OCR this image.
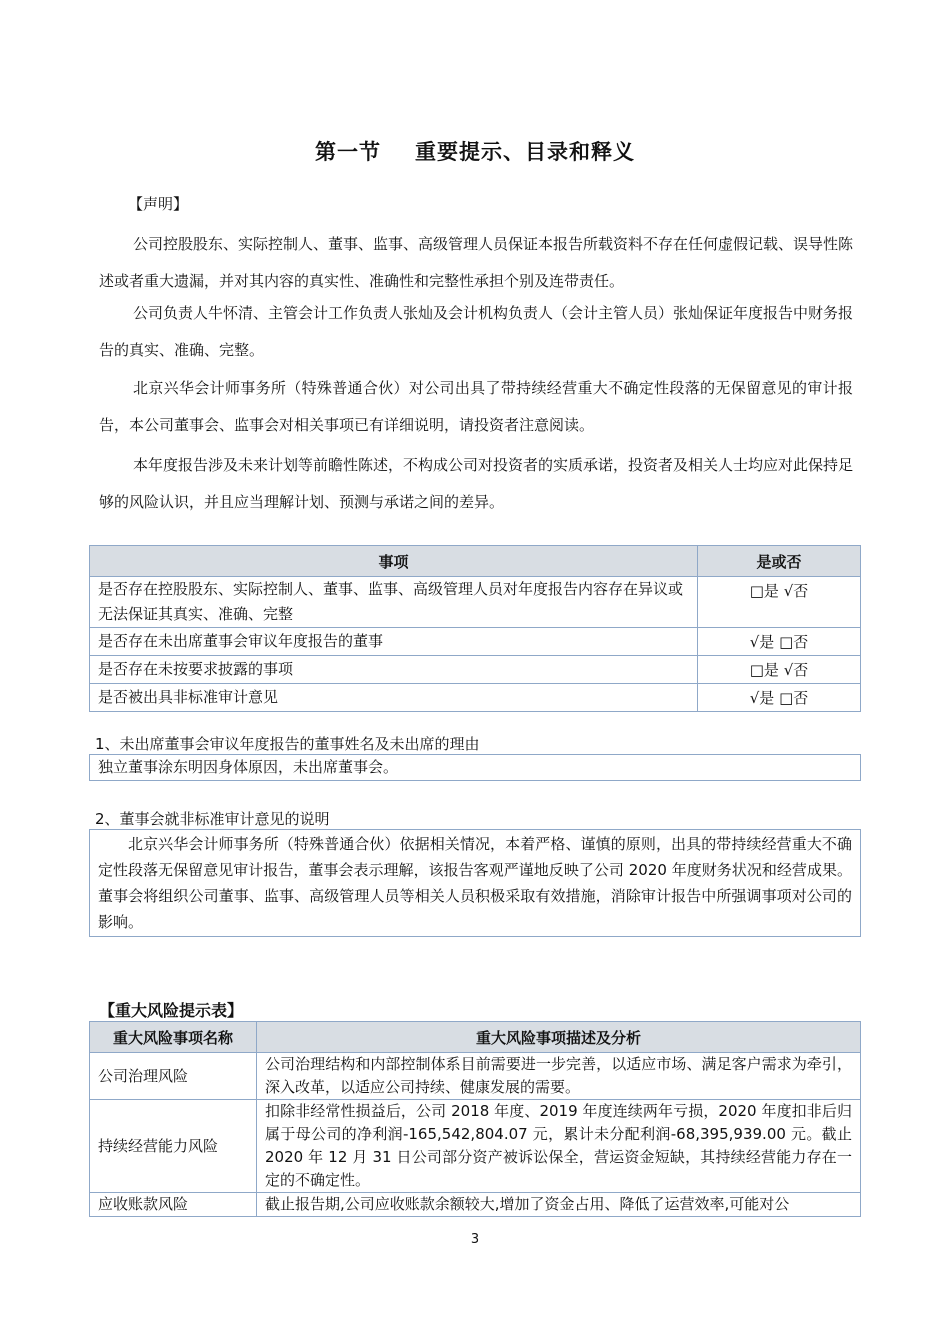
第一节 重要提示、目录和释义
【声明】
公司控股股东、实际控制人、董事、监事、高级管理人员保证本报告所载资料不存在任何虚假记载、误导性陈述或者重大遗漏，并对其内容的真实性、准确性和完整性承担个别及连带责任。
公司负责人牛怀清、主管会计工作负责人张灿及会计机构负责人（会计主管人员）张灿保证年度报告中财务报告的真实、准确、完整。
北京兴华会计师事务所（特殊普通合伙）对公司出具了带持续经营重大不确定性段落的无保留意见的审计报告，本公司董事会、监事会对相关事项已有详细说明，请投资者注意阅读。
本年度报告涉及未来计划等前瞻性陈述，不构成公司对投资者的实质承诺，投资者及相关人士均应对此保持足够的风险认识，并且应当理解计划、预测与承诺之间的差异。
事项	是或否
是否存在控股股东、实际控制人、董事、监事、高级管理人员对年度报告内容存在异议或无法保证其真实、准确、完整	□是 √否
是否存在未出席董事会审议年度报告的董事	√是 □否
是否存在未按要求披露的事项	□是 √否
是否被出具非标准审计意见	√是 □否
1、未出席董事会审议年度报告的董事姓名及未出席的理由
独立董事涂东明因身体原因，未出席董事会。
2、董事会就非标准审计意见的说明
北京兴华会计师事务所（特殊普通合伙）依据相关情况，本着严格、谨慎的原则，出具的带持续经营重大不确定性段落无保留意见审计报告，董事会表示理解，该报告客观严谨地反映了公司 2020 年度财务状况和经营成果。董事会将组织公司董事、监事、高级管理人员等相关人员积极采取有效措施，消除审计报告中所强调事项对公司的影响。
【重大风险提示表】
重大风险事项名称	重大风险事项描述及分析
公司治理风险	公司治理结构和内部控制体系目前需要进一步完善，以适应市场、满足客户需求为牵引，深入改革，以适应公司持续、健康发展的需要。
持续经营能力风险	扣除非经常性损益后，公司 2018 年度、2019 年度连续两年亏损，2020 年度扣非后归属于母公司的净利润-165,542,804.07 元，累计未分配利润-68,395,939.00 元。截止 2020 年 12 月 31 日公司部分资产被诉讼保全，营运资金短缺，其持续经营能力存在一定的不确定性。
应收账款风险	截止报告期,公司应收账款余额较大,增加了资金占用、降低了运营效率,可能对公
3
